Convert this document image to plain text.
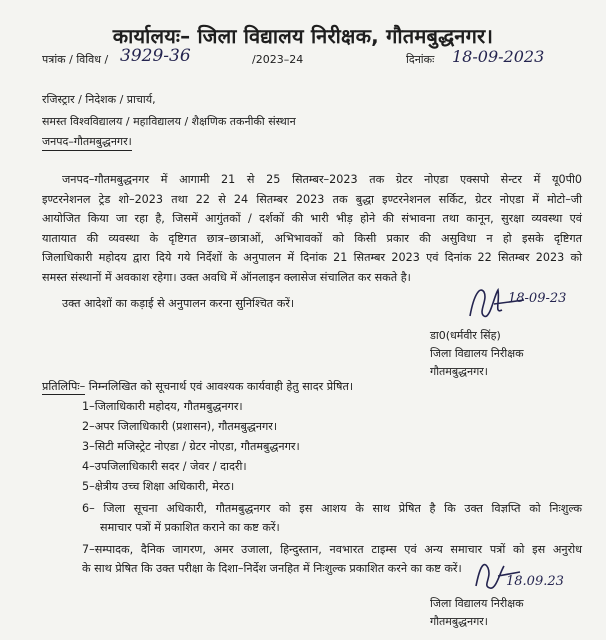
कार्यालयः– जिला विद्यालय निरीक्षक, गौतमबुद्धनगर।
पत्रांक / विविध / 3929-36	/2023–24	दिनांकः 18-09-2023
रजिस्ट्रार / निदेशक / प्राचार्य,
समस्त विश्वविद्यालय / महाविद्यालय / शैक्षणिक तकनीकी संस्थान
जनपद–गौतमबुद्धनगर।
जनपद–गौतमबुद्धनगर में आगामी 21 से 25 सितम्बर–2023 तक ग्रेटर नोएडा एक्सपो सेन्टर में यू0पी0
इण्टरनेशनल ट्रेड शो–2023 तथा 22 से 24 सितम्बर 2023 तक बुद्धा इण्टरनेशनल सर्किट, ग्रेटर नोएडा में मोटो–जी
आयोजित किया जा रहा है, जिसमें आगुंतकों / दर्शकों की भारी भीड़ होने की संभावना तथा कानून, सुरक्षा व्यवस्था एवं
यातायात की व्यवस्था के दृष्टिगत छात्र–छात्राओं, अभिभावकों को किसी प्रकार की असुविधा न हो इसके दृष्टिगत
जिलाधिकारी महोदय द्वारा दिये गये निर्देशों के अनुपालन में दिनांक 21 सितम्बर 2023 एवं दिनांक 22 सितम्बर 2023 को
समस्त संस्थानों में अवकाश रहेगा। उक्त अवधि में ऑनलाइन क्लासेज संचालित कर सकते है।
उक्त आदेशों का कड़ाई से अनुपालन करना सुनिश्चित करें।	18-09-23
डा0(धर्मवीर सिंह)
जिला विद्यालय निरीक्षक
गौतमबुद्धनगर।
प्रतिलिपिः– निम्नलिखित को सूचनार्थ एवं आवश्यक कार्यवाही हेतु सादर प्रेषित।
1–जिलाधिकारी महोदय, गौतमबुद्धनगर।
2–अपर जिलाधिकारी (प्रशासन), गौतमबुद्धनगर।
3–सिटी मजिस्ट्रेट नोएडा / ग्रेटर नोएडा, गौतमबुद्धनगर।
4–उपजिलाधिकारी सदर / जेवर / दादरी।
5–क्षेत्रीय उच्च शिक्षा अधिकारी, मेरठ।
6– जिला सूचना अधिकारी, गौतमबुद्धनगर को इस आशय के साथ प्रेषित है कि उक्त विज्ञप्ति को निःशुल्क
समाचार पत्रों में प्रकाशित कराने का कष्ट करें।
7–सम्पादक, दैनिक जागरण, अमर उजाला, हिन्दुस्तान, नवभारत टाइम्स एवं अन्य समाचार पत्रों को इस अनुरोध
के साथ प्रेषित कि उक्त परीक्षा के दिशा–निर्देश जनहित में निःशुल्क प्रकाशित करने का कष्ट करें।
18.09.23
जिला विद्यालय निरीक्षक
गौतमबुद्धनगर।
